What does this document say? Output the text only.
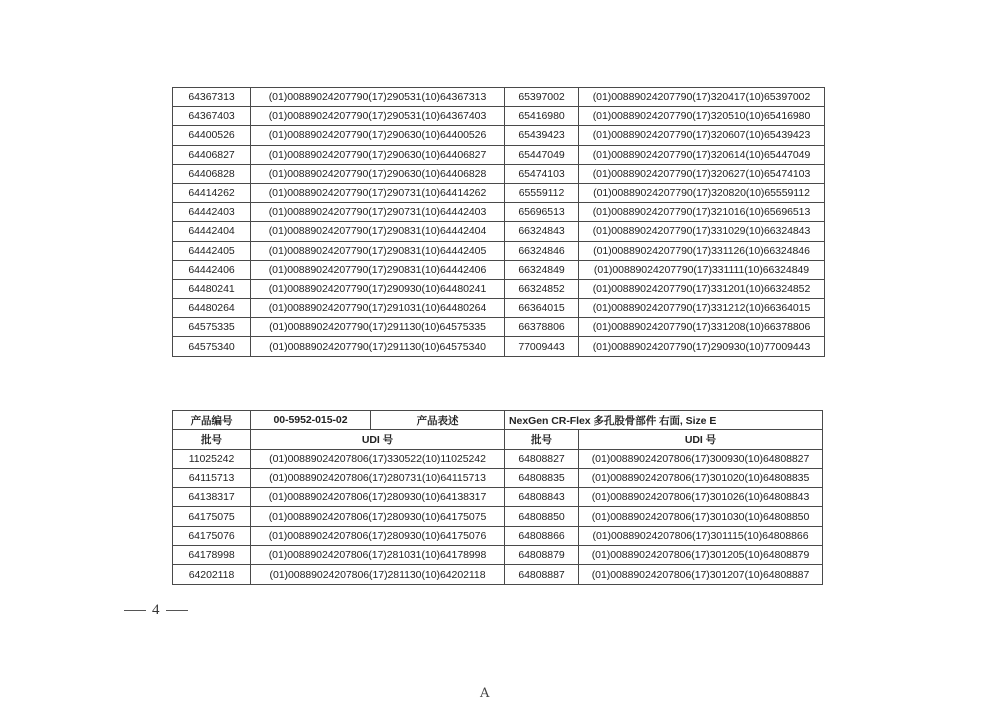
64367313	(01)00889024207790(17)290531(10)64367313	65397002	(01)00889024207790(17)320417(10)65397002
64367403	(01)00889024207790(17)290531(10)64367403	65416980	(01)00889024207790(17)320510(10)65416980
64400526	(01)00889024207790(17)290630(10)64400526	65439423	(01)00889024207790(17)320607(10)65439423
64406827	(01)00889024207790(17)290630(10)64406827	65447049	(01)00889024207790(17)320614(10)65447049
64406828	(01)00889024207790(17)290630(10)64406828	65474103	(01)00889024207790(17)320627(10)65474103
64414262	(01)00889024207790(17)290731(10)64414262	65559112	(01)00889024207790(17)320820(10)65559112
64442403	(01)00889024207790(17)290731(10)64442403	65696513	(01)00889024207790(17)321016(10)65696513
64442404	(01)00889024207790(17)290831(10)64442404	66324843	(01)00889024207790(17)331029(10)66324843
64442405	(01)00889024207790(17)290831(10)64442405	66324846	(01)00889024207790(17)331126(10)66324846
64442406	(01)00889024207790(17)290831(10)64442406	66324849	(01)00889024207790(17)331111(10)66324849
64480241	(01)00889024207790(17)290930(10)64480241	66324852	(01)00889024207790(17)331201(10)66324852
64480264	(01)00889024207790(17)291031(10)64480264	66364015	(01)00889024207790(17)331212(10)66364015
64575335	(01)00889024207790(17)291130(10)64575335	66378806	(01)00889024207790(17)331208(10)66378806
64575340	(01)00889024207790(17)291130(10)64575340	77009443	(01)00889024207790(17)290930(10)77009443
产品编号	00-5952-015-02	产品表述	NexGen CR-Flex 多孔股骨部件 右面, Size E	
批号	UDI 号		批号	UDI 号
11025242	(01)00889024207806(17)330522(10)11025242		64808827	(01)00889024207806(17)300930(10)64808827
64115713	(01)00889024207806(17)280731(10)64115713		64808835	(01)00889024207806(17)301020(10)64808835
64138317	(01)00889024207806(17)280930(10)64138317		64808843	(01)00889024207806(17)301026(10)64808843
64175075	(01)00889024207806(17)280930(10)64175075		64808850	(01)00889024207806(17)301030(10)64808850
64175076	(01)00889024207806(17)280930(10)64175076		64808866	(01)00889024207806(17)301115(10)64808866
64178998	(01)00889024207806(17)281031(10)64178998		64808879	(01)00889024207806(17)301205(10)64808879
64202118	(01)00889024207806(17)281130(10)64202118		64808887	(01)00889024207806(17)301207(10)64808887
4
A
